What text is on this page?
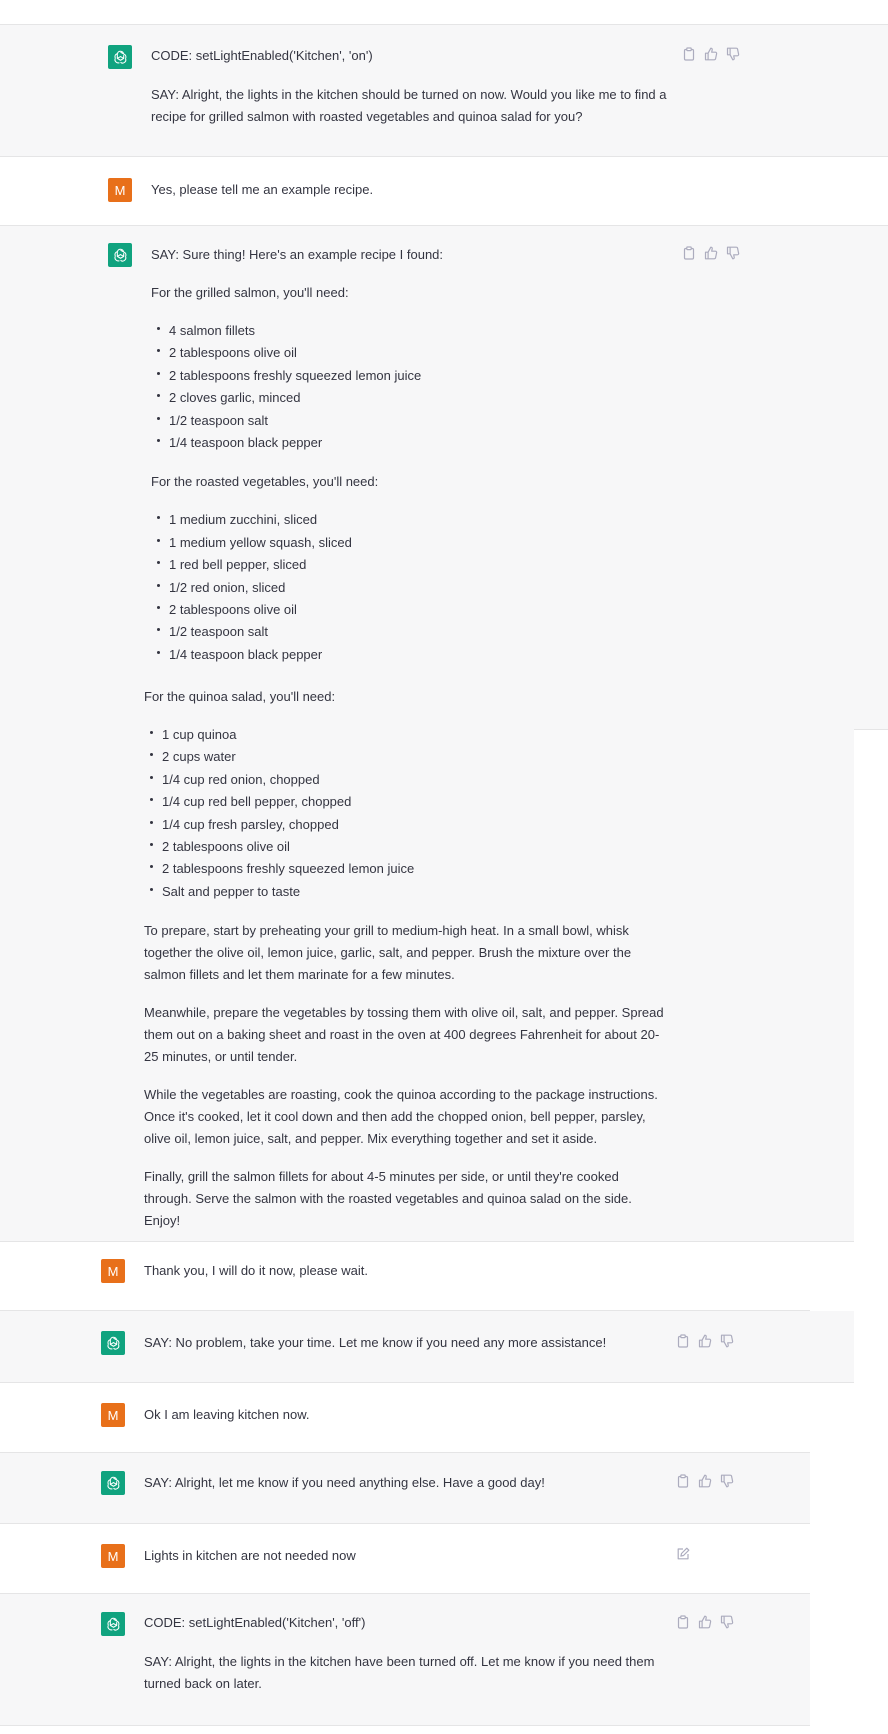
CODE: setLightEnabled('Kitchen', 'on')

SAY: Alright, the lights in the kitchen should be turned on now. Would you like me to find a recipe for grilled salmon with roasted vegetables and quinoa salad for you?

M	Yes, please tell me an example recipe.

SAY: Sure thing! Here's an example recipe I found:

For the grilled salmon, you'll need:

4 salmon fillets
2 tablespoons olive oil
2 tablespoons freshly squeezed lemon juice
2 cloves garlic, minced
1/2 teaspoon salt
1/4 teaspoon black pepper

For the roasted vegetables, you'll need:

1 medium zucchini, sliced
1 medium yellow squash, sliced
1 red bell pepper, sliced
1/2 red onion, sliced
2 tablespoons olive oil
1/2 teaspoon salt
1/4 teaspoon black pepper

For the quinoa salad, you'll need:

1 cup quinoa
2 cups water
1/4 cup red onion, chopped
1/4 cup red bell pepper, chopped
1/4 cup fresh parsley, chopped
2 tablespoons olive oil
2 tablespoons freshly squeezed lemon juice
Salt and pepper to taste

To prepare, start by preheating your grill to medium-high heat. In a small bowl, whisk together the olive oil, lemon juice, garlic, salt, and pepper. Brush the mixture over the salmon fillets and let them marinate for a few minutes.

Meanwhile, prepare the vegetables by tossing them with olive oil, salt, and pepper. Spread them out on a baking sheet and roast in the oven at 400 degrees Fahrenheit for about 20-25 minutes, or until tender.

While the vegetables are roasting, cook the quinoa according to the package instructions. Once it's cooked, let it cool down and then add the chopped onion, bell pepper, parsley, olive oil, lemon juice, salt, and pepper. Mix everything together and set it aside.

Finally, grill the salmon fillets for about 4-5 minutes per side, or until they're cooked through. Serve the salmon with the roasted vegetables and quinoa salad on the side. Enjoy!

M	Thank you, I will do it now, please wait.
SAY: No problem, take your time. Let me know if you need any more assistance!
M	Ok I am leaving kitchen now.
SAY: Alright, let me know if you need anything else. Have a good day!
M	Lights in kitchen are not needed now

CODE: setLightEnabled('Kitchen', 'off')

SAY: Alright, the lights in the kitchen have been turned off. Let me know if you need them turned back on later.
